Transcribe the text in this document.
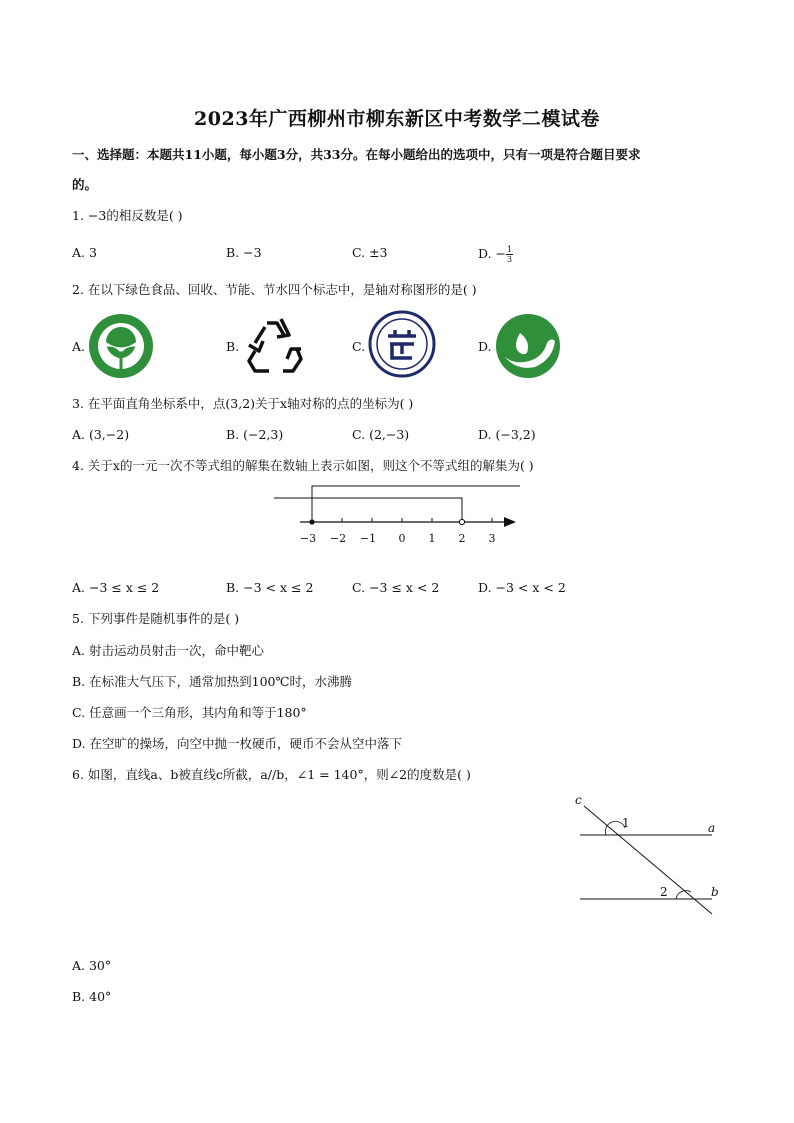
2023年广西柳州市柳东新区中考数学二模试卷
一、选择题：本题共11小题，每小题3分，共33分。在每小题给出的选项中，只有一项是符合题目要求
的。
1. −3的相反数是( )
A. 3	B. −3	C. ±3	D. − $\frac{1}{3}$
2. 在以下绿色食品、回收、节能、节水四个标志中，是轴对称图形的是( )
A.	B.	C.	D.
3. 在平面直角坐标系中，点(3,2)关于x轴对称的点的坐标为( )
A. (3,−2)	B. (−2,3)	C. (2,−3)	D. (−3,2)
4. 关于x的一元一次不等式组的解集在数轴上表示如图，则这个不等式组的解集为( )
−3 −2 −1 0 1 2 3
A. −3 ≤ x ≤ 2	B. −3 < x ≤ 2	C. −3 ≤ x < 2	D. −3 < x < 2
5. 下列事件是随机事件的是( )
A. 射击运动员射击一次，命中靶心
B. 在标准大气压下，通常加热到100℃时，水沸腾
C. 任意画一个三角形，其内角和等于180°
D. 在空旷的操场，向空中抛一枚硬币，硬币不会从空中落下
6. 如图，直线a、b被直线c所截，a//b，∠1 = 140°，则∠2的度数是( )
c
a
b
1
2
A. 30°
B. 40°
